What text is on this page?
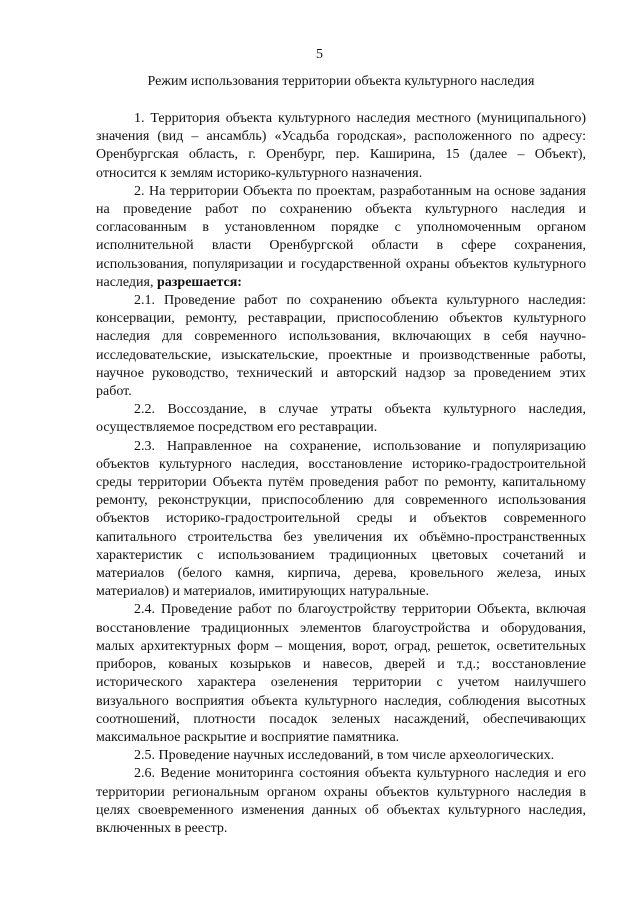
5
Режим использования территории объекта культурного наследия

1. Территория объекта культурного наследия местного (муниципального) значения (вид – ансамбль) «Усадьба городская», расположенного по адресу: Оренбургская область, г. Оренбург, пер. Каширина, 15 (далее – Объект), относится к землям историко-культурного назначения.

2. На территории Объекта по проектам, разработанным на основе задания на проведение работ по сохранению объекта культурного наследия и согласованным в установленном порядке с уполномоченным органом исполнительной власти Оренбургской области в сфере сохранения, использования, популяризации и государственной охраны объектов культурного наследия, разрешается:

2.1. Проведение работ по сохранению объекта культурного наследия: консервации, ремонту, реставрации, приспособлению объектов культурного наследия для современного использования, включающих в себя научно-исследовательские, изыскательские, проектные и производственные работы, научное руководство, технический и авторский надзор за проведением этих работ.

2.2. Воссоздание, в случае утраты объекта культурного наследия, осуществляемое посредством его реставрации.

2.3. Направленное на сохранение, использование и популяризацию объектов культурного наследия, восстановление историко-градостроительной среды территории Объекта путём проведения работ по ремонту, капитальному ремонту, реконструкции, приспособлению для современного использования объектов историко-градостроительной среды и объектов современного капитального строительства без увеличения их объёмно-пространственных характеристик с использованием традиционных цветовых сочетаний и материалов (белого камня, кирпича, дерева, кровельного железа, иных материалов) и материалов, имитирующих натуральные.

2.4. Проведение работ по благоустройству территории Объекта, включая восстановление традиционных элементов благоустройства и оборудования, малых архитектурных форм – мощения, ворот, оград, решеток, осветительных приборов, кованых козырьков и навесов, дверей и т.д.; восстановление исторического характера озеленения территории с учетом наилучшего визуального восприятия объекта культурного наследия, соблюдения высотных соотношений, плотности посадок зеленых насаждений, обеспечивающих максимальное раскрытие и восприятие памятника.

2.5. Проведение научных исследований, в том числе археологических.

2.6. Ведение мониторинга состояния объекта культурного наследия и его территории региональным органом охраны объектов культурного наследия в целях своевременного изменения данных об объектах культурного наследия, включенных в реестр.
